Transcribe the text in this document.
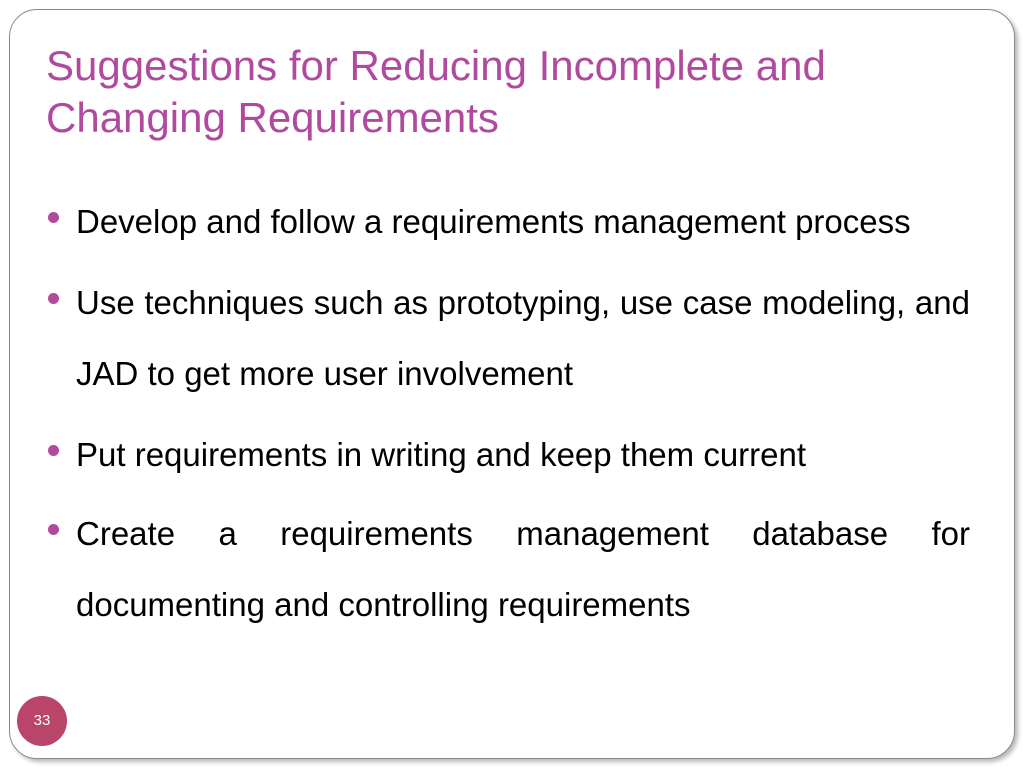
Suggestions for Reducing Incomplete and
Changing Requirements
Develop and follow a requirements management process
Use techniques such as prototyping, use case modeling, and JAD to get more user involvement
Put requirements in writing and keep them current
Create a requirements management database for documenting and controlling requirements
33
